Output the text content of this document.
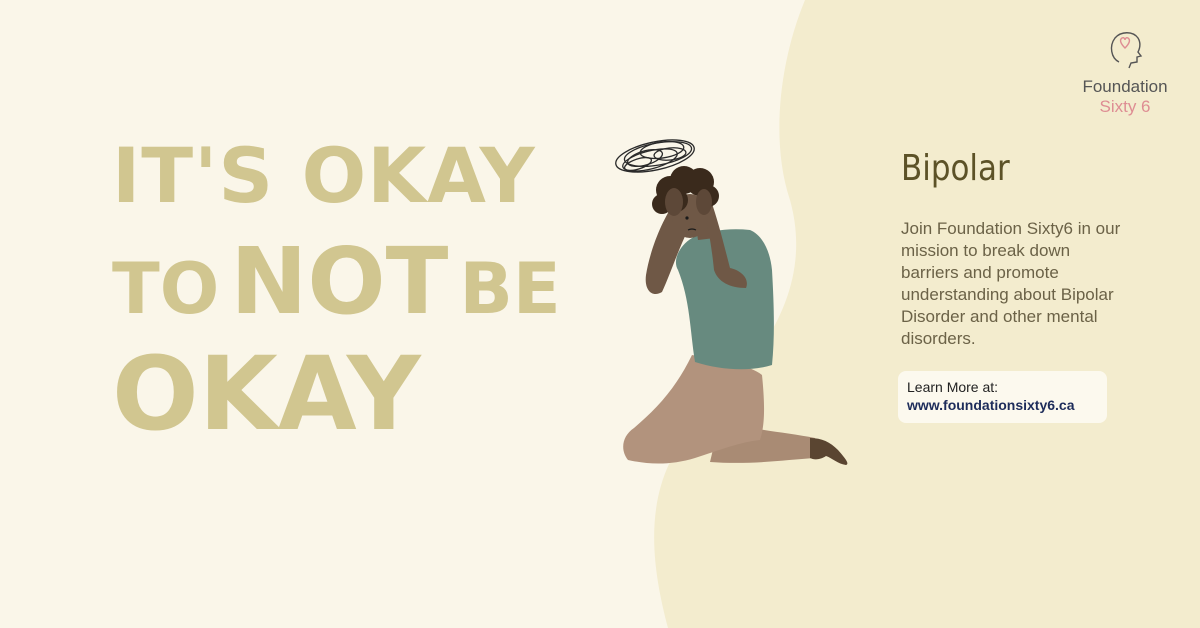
IT'S OKAY
TO NOT BE
OKAY
Foundation
Sixty 6
Bipolar

Join Foundation Sixty6 in our mission to break down barriers and promote understanding about Bipolar Disorder and other mental disorders.

Learn More at:
www.foundationsixty6.ca
